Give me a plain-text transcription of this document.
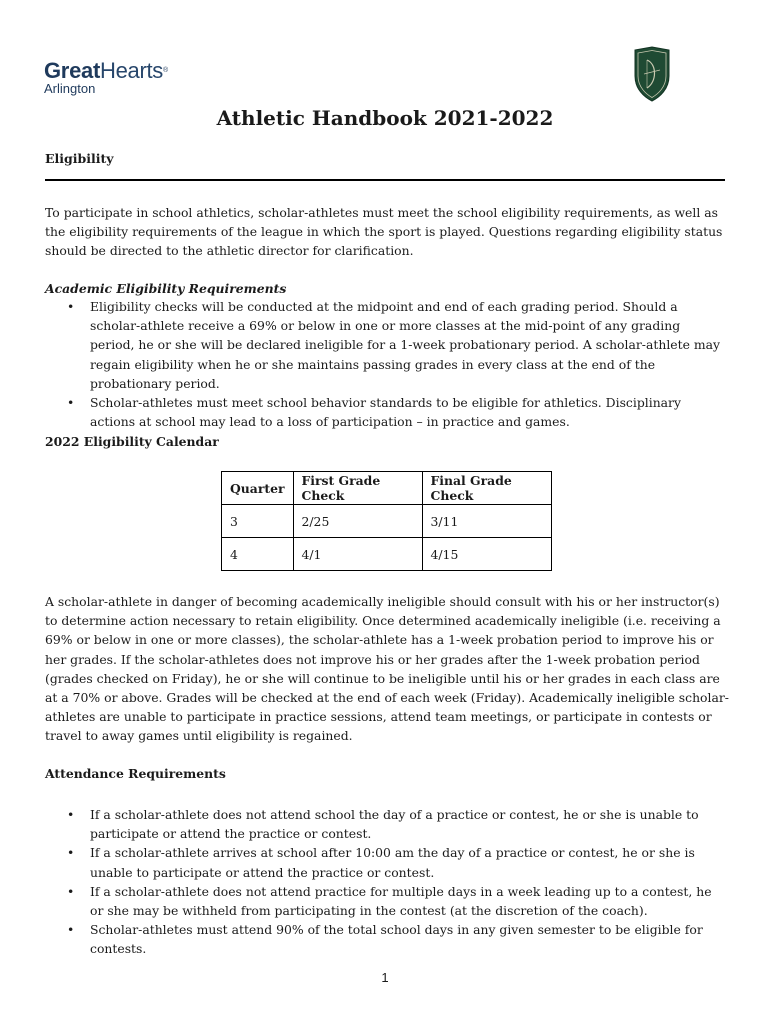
GreatHearts®
Arlington
Athletic Handbook 2021-2022
Eligibility
To participate in school athletics, scholar-athletes must meet the school eligibility requirements, as well as the eligibility requirements of the league in which the sport is played. Questions regarding eligibility status should be directed to the athletic director for clarification.
Academic Eligibility Requirements
• Eligibility checks will be conducted at the midpoint and end of each grading period. Should a scholar-athlete receive a 69% or below in one or more classes at the mid-point of any grading period, he or she will be declared ineligible for a 1-week probationary period. A scholar-athlete may regain eligibility when he or she maintains passing grades in every class at the end of the probationary period.
• Scholar-athletes must meet school behavior standards to be eligible for athletics. Disciplinary actions at school may lead to a loss of participation – in practice and games.
2022 Eligibility Calendar
Quarter	First Grade Check	Final Grade Check
3	2/25	3/11
4	4/1	4/15
A scholar-athlete in danger of becoming academically ineligible should consult with his or her instructor(s) to determine action necessary to retain eligibility. Once determined academically ineligible (i.e. receiving a 69% or below in one or more classes), the scholar-athlete has a 1-week probation period to improve his or her grades. If the scholar-athletes does not improve his or her grades after the 1-week probation period (grades checked on Friday), he or she will continue to be ineligible until his or her grades in each class are at a 70% or above. Grades will be checked at the end of each week (Friday). Academically ineligible scholar-athletes are unable to participate in practice sessions, attend team meetings, or participate in contests or travel to away games until eligibility is regained.
Attendance Requirements
• If a scholar-athlete does not attend school the day of a practice or contest, he or she is unable to participate or attend the practice or contest.
• If a scholar-athlete arrives at school after 10:00 am the day of a practice or contest, he or she is unable to participate or attend the practice or contest.
• If a scholar-athlete does not attend practice for multiple days in a week leading up to a contest, he or she may be withheld from participating in the contest (at the discretion of the coach).
• Scholar-athletes must attend 90% of the total school days in any given semester to be eligible for contests.
1
